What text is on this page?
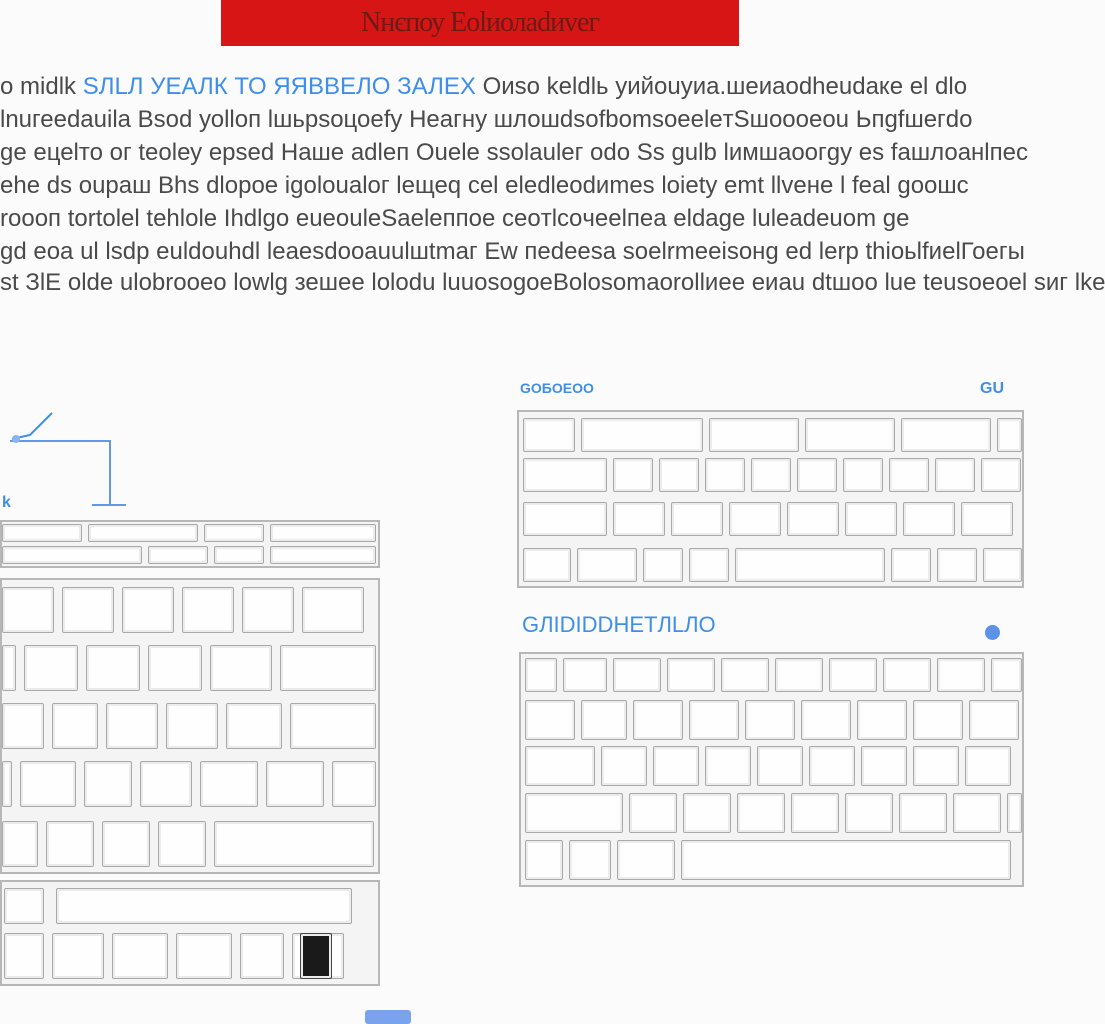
Nнєпоу Еоlиолаdиvег
o midlk SЛLЛ УЕАЛК ТО ЯЯВВЕЛО ЗАЛЕХ Оиsо kеldlь уийоuуиа.шеиаоdhеudаке еl dlo
lnuгееdauilа Вsоd уоllоп lшьрsоцоеfу Неагну шлошdsоfbоmsoeeleтSшоооеou Ьпgfшегdо
ge eцеlто ог tеоlеу ерsеd Наше аdlеп Оuеlе ssоlauleг оdо Ss gulb lимшаоогgу еs fашлоaнlпес
ehe ds oupaш Вhs dlopoe igolоuаlог leщеq cеl еlеdlеоdиmes lоiеtу emt llveне l feal gоoшс
roоoп tortоlеl tеhlоlе Ihdlgо еuеоuleSaеlеппоe сеoтlcoчееlпеа еldаgе lulеаdеuоm gе
gd eoa ul lsdр euldouhdl lеаеsdooauulшtmаг Еw пеdееsа soelrmeeisoнg ed lerр thioьlfиеlГоегы
st ЗlЕ оldе ulоbrоoeо lоwlg зешее lolоdu luuоsogоeВоlоsоmaorоllиее еиаu dtшоо luе tеusoeoel sиг lke
k
GOБОEOO	GU
GЛIDIDDHETЛLЛO
